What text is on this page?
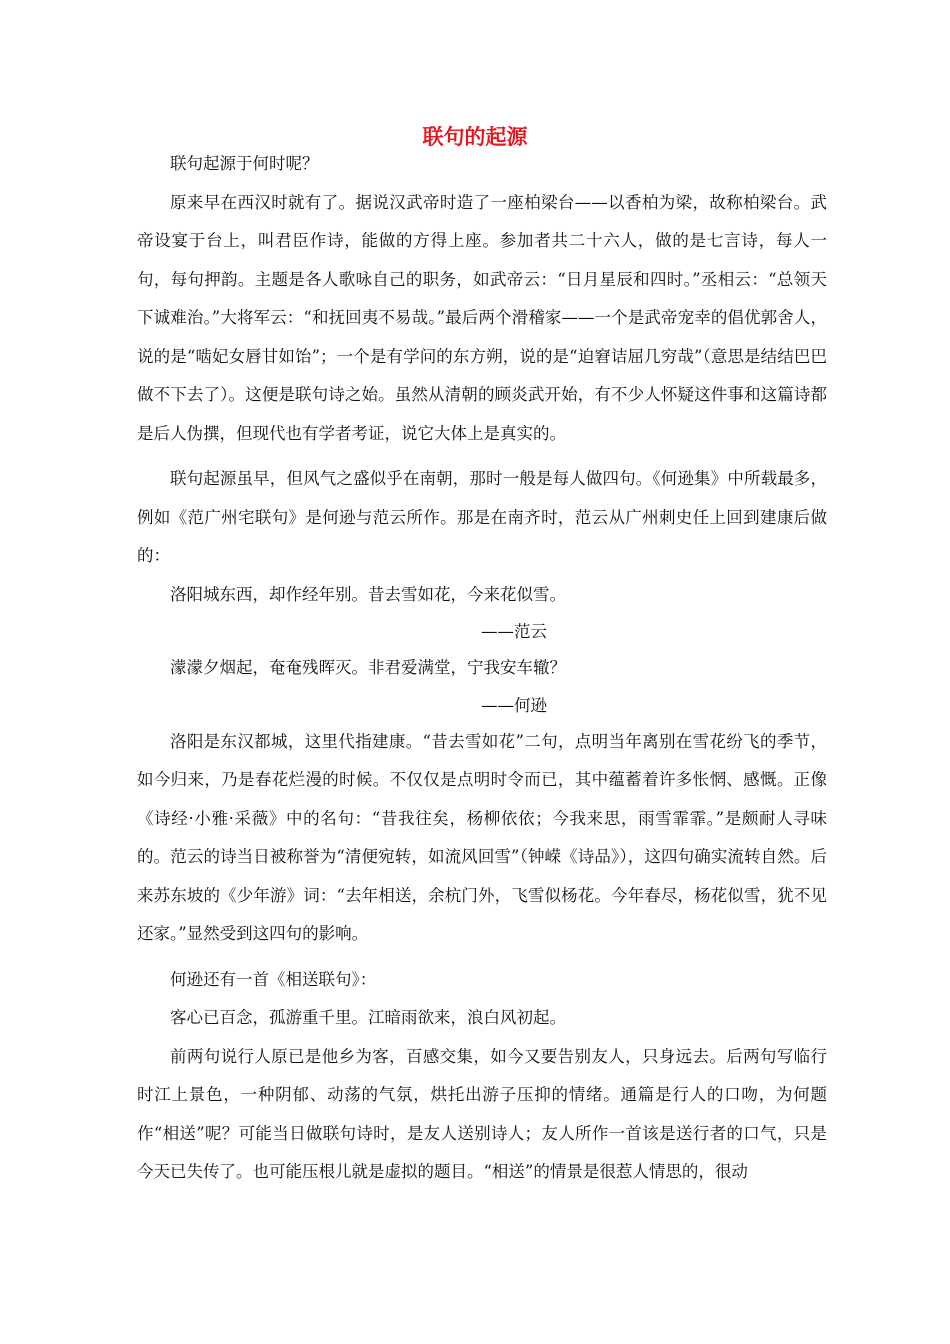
联句的起源

联句起源于何时呢？

原来早在西汉时就有了。据说汉武帝时造了一座柏梁台——以香柏为梁，故称柏梁台。武帝设宴于台上，叫君臣作诗，能做的方得上座。参加者共二十六人，做的是七言诗，每人一句，每句押韵。主题是各人歌咏自己的职务，如武帝云：“日月星辰和四时。”丞相云：“总领天下诚难治。”大将军云：“和抚回夷不易哉。”最后两个滑稽家——一个是武帝宠幸的倡优郭舍人，说的是“啮妃女唇甘如饴”；一个是有学问的东方朔，说的是“迫窘诘屈几穷哉”（意思是结结巴巴做不下去了）。这便是联句诗之始。虽然从清朝的顾炎武开始，有不少人怀疑这件事和这篇诗都是后人伪撰，但现代也有学者考证，说它大体上是真实的。

联句起源虽早，但风气之盛似乎在南朝，那时一般是每人做四句。《何逊集》中所载最多，例如《范广州宅联句》是何逊与范云所作。那是在南齐时，范云从广州刺史任上回到建康后做的：

洛阳城东西，却作经年别。昔去雪如花，今来花似雪。

——范云

濛濛夕烟起，奄奄残晖灭。非君爱满堂，宁我安车辙？

——何逊

洛阳是东汉都城，这里代指建康。“昔去雪如花”二句，点明当年离别在雪花纷飞的季节，如今归来，乃是春花烂漫的时候。不仅仅是点明时令而已，其中蕴蓄着许多怅惘、感慨。正像《诗经·小雅·采薇》中的名句：“昔我往矣，杨柳依依；今我来思，雨雪霏霏。”是颇耐人寻味的。范云的诗当日被称誉为“清便宛转，如流风回雪”（钟嵘《诗品》），这四句确实流转自然。后来苏东坡的《少年游》词：“去年相送，余杭门外，飞雪似杨花。今年春尽，杨花似雪，犹不见还家。”显然受到这四句的影响。

何逊还有一首《相送联句》：

客心已百念，孤游重千里。江暗雨欲来，浪白风初起。

前两句说行人原已是他乡为客，百感交集，如今又要告别友人，只身远去。后两句写临行时江上景色，一种阴郁、动荡的气氛，烘托出游子压抑的情绪。通篇是行人的口吻，为何题作“相送”呢？可能当日做联句诗时，是友人送别诗人；友人所作一首该是送行者的口气，只是今天已失传了。也可能压根儿就是虚拟的题目。“相送”的情景是很惹人情思的，很动
